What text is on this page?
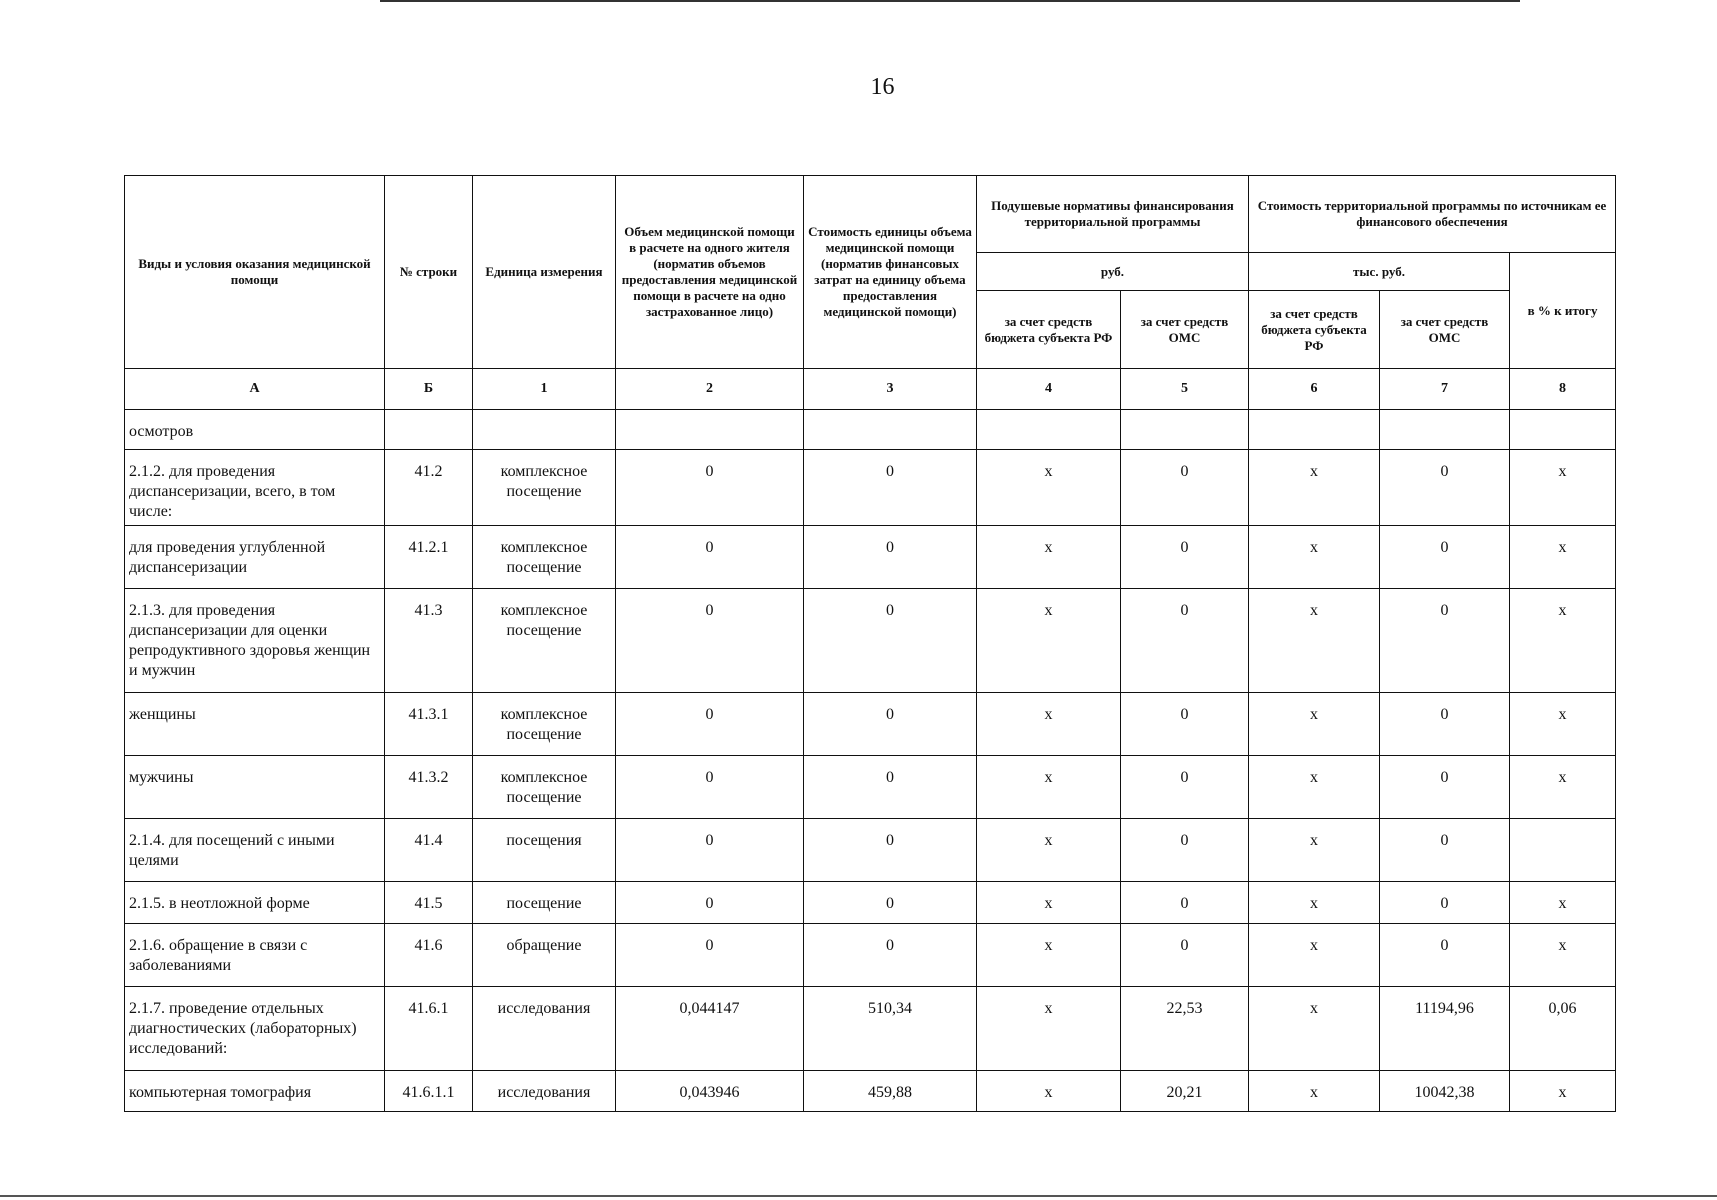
16
Виды и условия оказания медицинской помощи	№ строки	Единица измерения	Объем медицинской помощи в расчете на одного жителя (норматив объемов предоставления медицинской помощи в расчете на одно застрахованное лицо)	Стоимость единицы объема медицинской помощи (норматив финансовых затрат на единицу объема предоставления медицинской помощи)	Подушевые нормативы финансирования территориальной программы		Стоимость территориальной программы по источникам ее финансового обеспечения		
					руб.		тыс. руб.		в % к итогу
					за счет средств бюджета субъекта РФ	за счет средств ОМС	за счет средств бюджета субъекта РФ	за счет средств ОМС	
А	Б	1	2	3	4	5	6	7	8
осмотров									
2.1.2. для проведения диспансеризации, всего, в том числе:	41.2	комплексное посещение	0	0	х	0	х	0	х
для проведения углубленной диспансеризации	41.2.1	комплексное посещение	0	0	х	0	х	0	х
2.1.3. для проведения диспансеризации для оценки репродуктивного здоровья женщин и мужчин	41.3	комплексное посещение	0	0	х	0	х	0	х
женщины	41.3.1	комплексное посещение	0	0	х	0	х	0	х
мужчины	41.3.2	комплексное посещение	0	0	х	0	х	0	х
2.1.4. для посещений с иными целями	41.4	посещения	0	0	х	0	х	0	
2.1.5. в неотложной форме	41.5	посещение	0	0	х	0	х	0	х
2.1.6. обращение в связи с заболеваниями	41.6	обращение	0	0	х	0	х	0	х
2.1.7. проведение отдельных диагностических (лабораторных) исследований:	41.6.1	исследования	0,044147	510,34	х	22,53	х	11194,96	0,06
компьютерная томография	41.6.1.1	исследования	0,043946	459,88	х	20,21	х	10042,38	х
